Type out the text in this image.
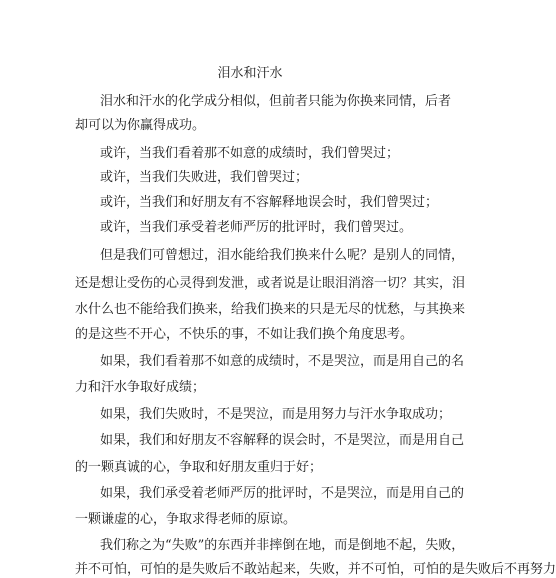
泪水和汗水
泪水和汗水的化学成分相似，但前者只能为你换来同情，后者
却可以为你赢得成功。
或许，当我们看着那不如意的成绩时，我们曾哭过；
或许，当我们失败进，我们曾哭过；
或许，当我们和好朋友有不容解释地误会时，我们曾哭过；
或许，当我们承受着老师严厉的批评时，我们曾哭过。
但是我们可曾想过，泪水能给我们换来什么呢？是别人的同情，
还是想让受伤的心灵得到发泄，或者说是让眼泪消溶一切？其实，泪
水什么也不能给我们换来，给我们换来的只是无尽的忧愁，与其换来
的是这些不开心，不快乐的事，不如让我们换个角度思考。
如果，我们看着那不如意的成绩时，不是哭泣，而是用自己的名
力和汗水争取好成绩；
如果，我们失败时，不是哭泣，而是用努力与汗水争取成功；
如果，我们和好朋友不容解释的误会时，不是哭泣，而是用自己
的一颗真诚的心，争取和好朋友重归于好；
如果，我们承受着老师严厉的批评时，不是哭泣，而是用自己的
一颗谦虚的心，争取求得老师的原谅。
我们称之为“失败”的东西并非摔倒在地，而是倒地不起，失败，
并不可怕，可怕的是失败后不敢站起来，失败，并不可怕，可怕的是失败后不再努力
